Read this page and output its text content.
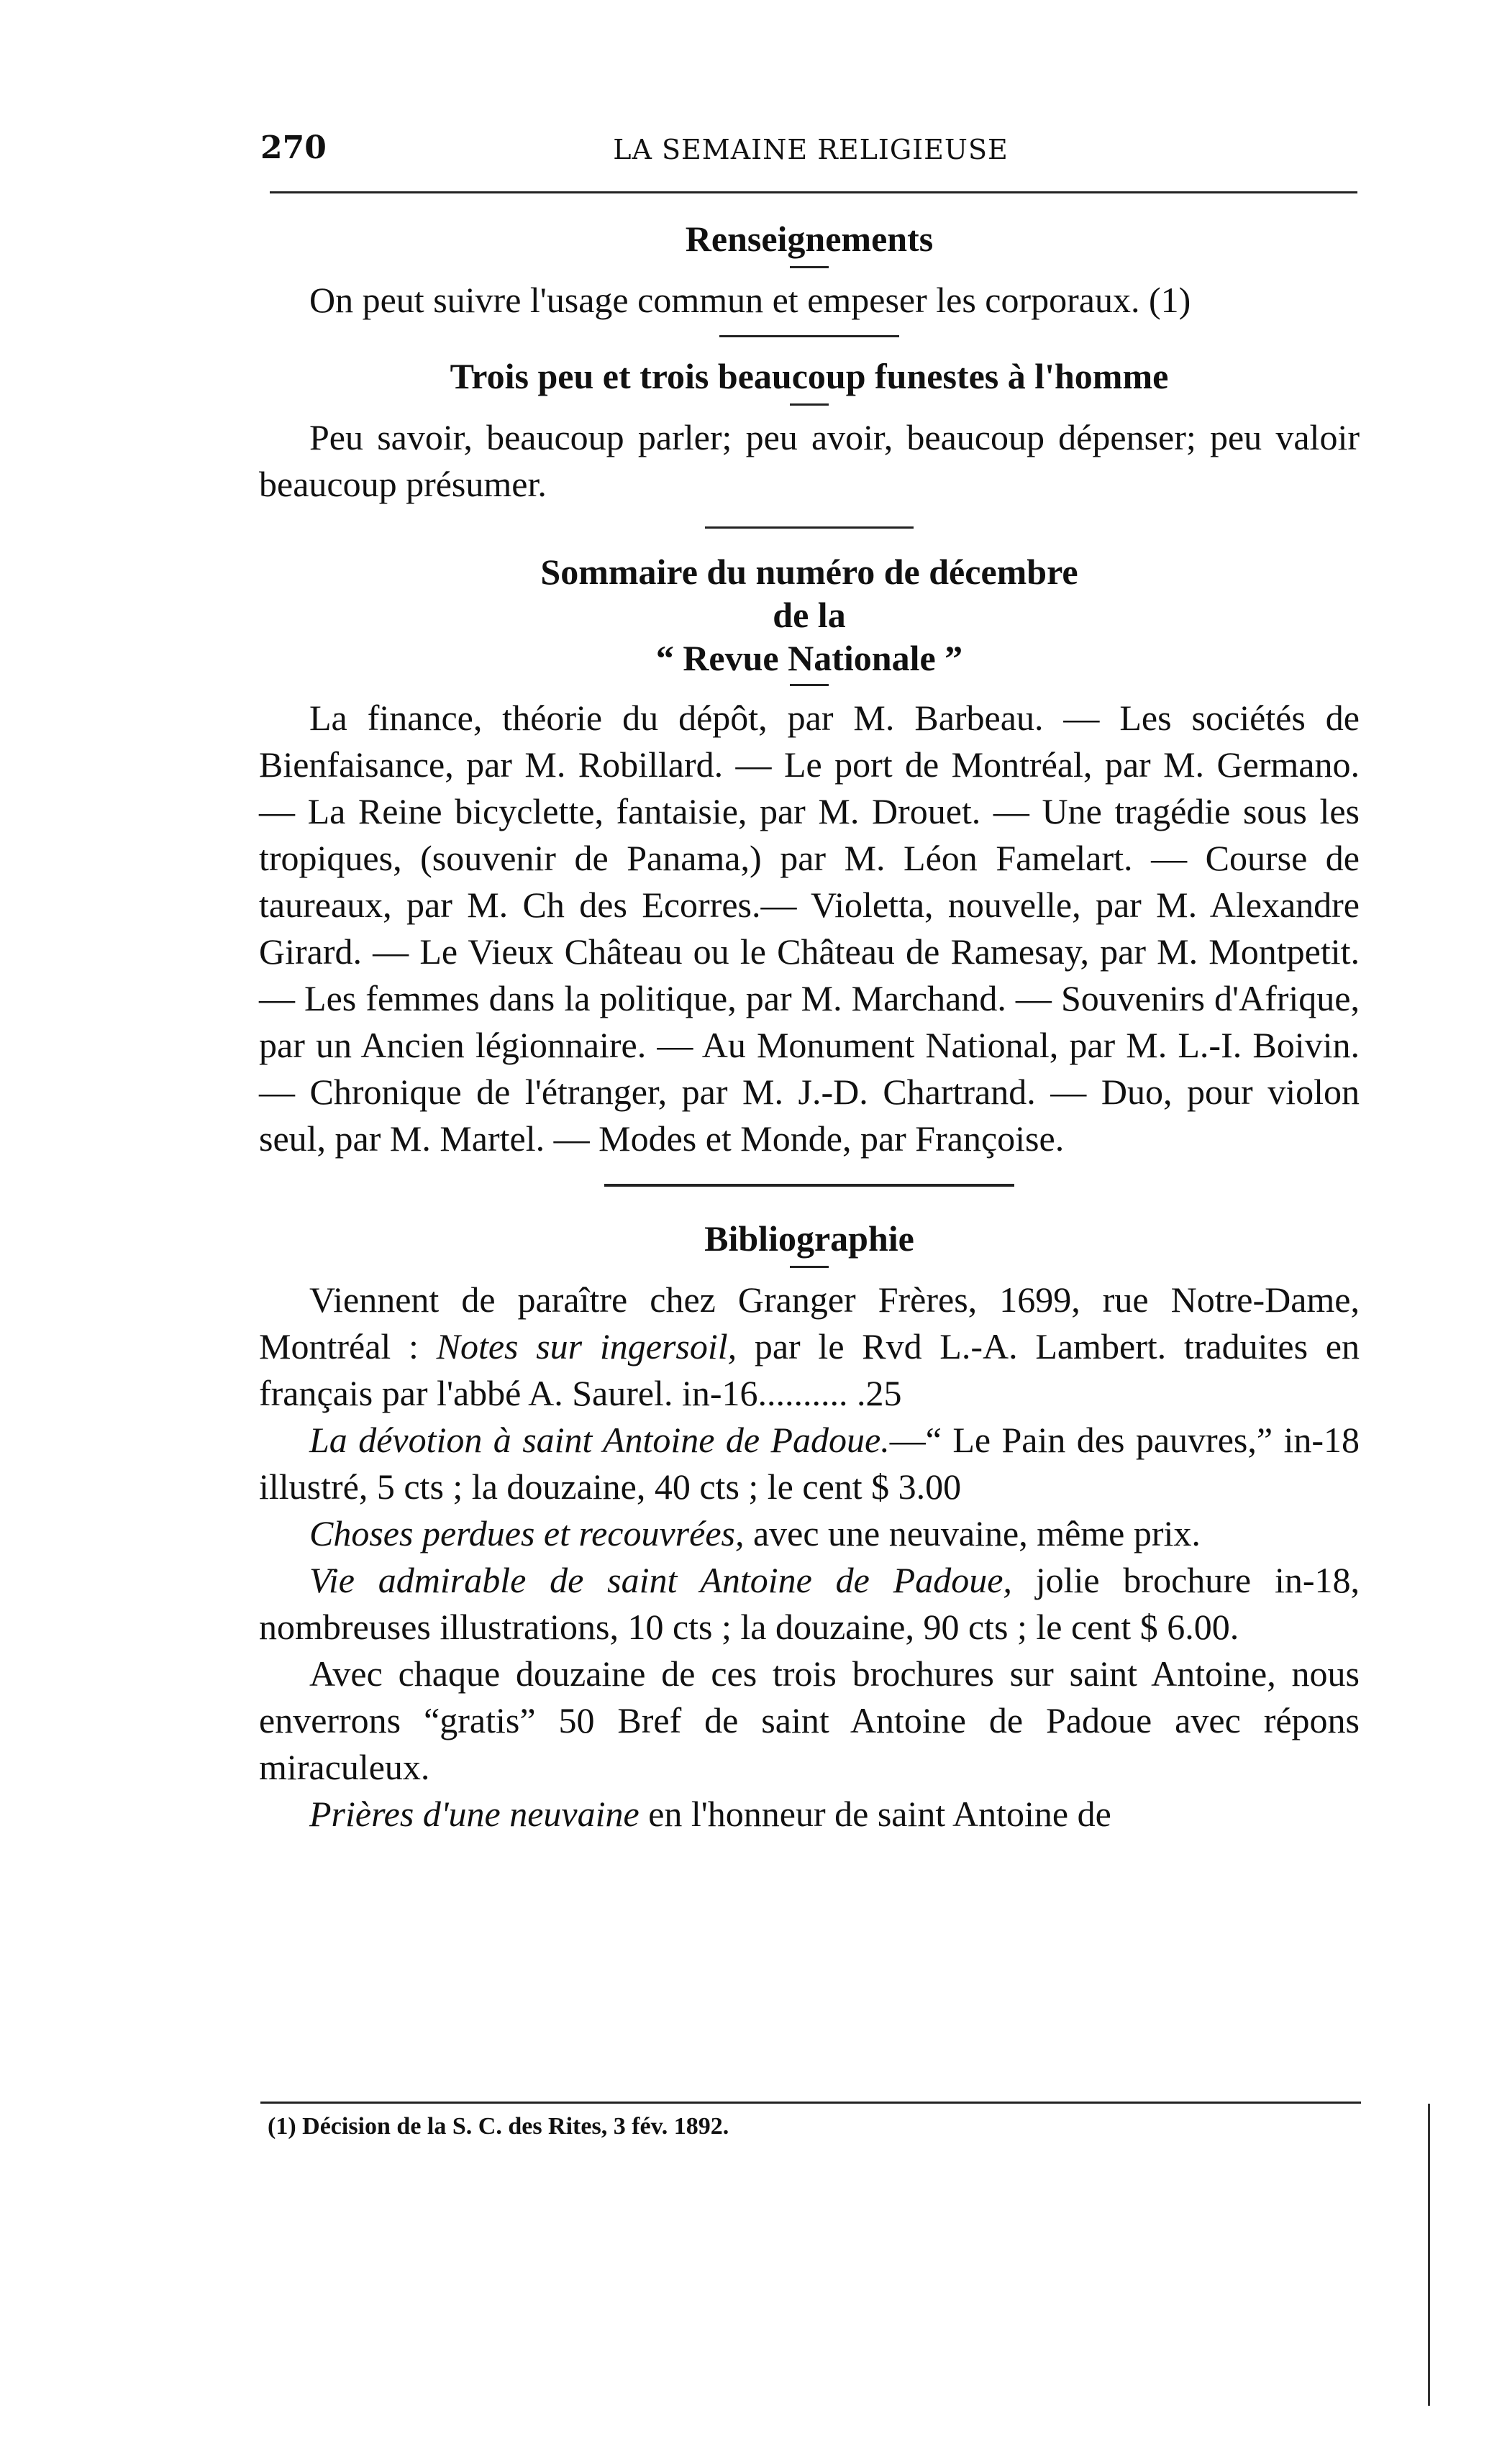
270	LA SEMAINE RELIGIEUSE
Renseignements

On peut suivre l'usage commun et empeser les corporaux. (1)

Trois peu et trois beaucoup funestes à l'homme

Peu savoir, beaucoup parler; peu avoir, beaucoup dépenser; peu valoir beaucoup présumer.

Sommaire du numéro de décembre
de la
“ Revue Nationale ”

La finance, théorie du dépôt, par M. Barbeau. — Les sociétés de Bienfaisance, par M. Robillard. — Le port de Montréal, par M. Germano. — La Reine bicyclette, fantaisie, par M. Drouet. — Une tragédie sous les tropiques, (souvenir de Panama,) par M. Léon Famelart. — Course de taureaux, par M. Ch des Ecorres.— Violetta, nouvelle, par M. Alexandre Girard. — Le Vieux Château ou le Château de Ramesay, par M. Montpetit. — Les femmes dans la politique, par M. Marchand. — Souvenirs d'Afrique, par un Ancien légionnaire. — Au Monument National, par M. L.-I. Boivin. — Chronique de l'étranger, par M. J.-D. Chartrand. — Duo, pour violon seul, par M. Martel. — Modes et Monde, par Françoise.

Bibliographie

Viennent de paraître chez Granger Frères, 1699, rue Notre-Dame, Montréal : Notes sur ingersoil, par le Rvd L.-A. Lambert. traduites en français par l'abbé A. Saurel. in-16.......... .25

La dévotion à saint Antoine de Padoue.—“ Le Pain des pauvres,” in-18 illustré, 5 cts ; la douzaine, 40 cts ; le cent $ 3.00

Choses perdues et recouvrées, avec une neuvaine, même prix.

Vie admirable de saint Antoine de Padoue, jolie brochure in-18, nombreuses illustrations, 10 cts ; la douzaine, 90 cts ; le cent $ 6.00.

Avec chaque douzaine de ces trois brochures sur saint Antoine, nous enverrons “gratis” 50 Bref de saint Antoine de Padoue avec répons miraculeux.

Prières d'une neuvaine en l'honneur de saint Antoine de

(1) Décision de la S. C. des Rites, 3 fév. 1892.
